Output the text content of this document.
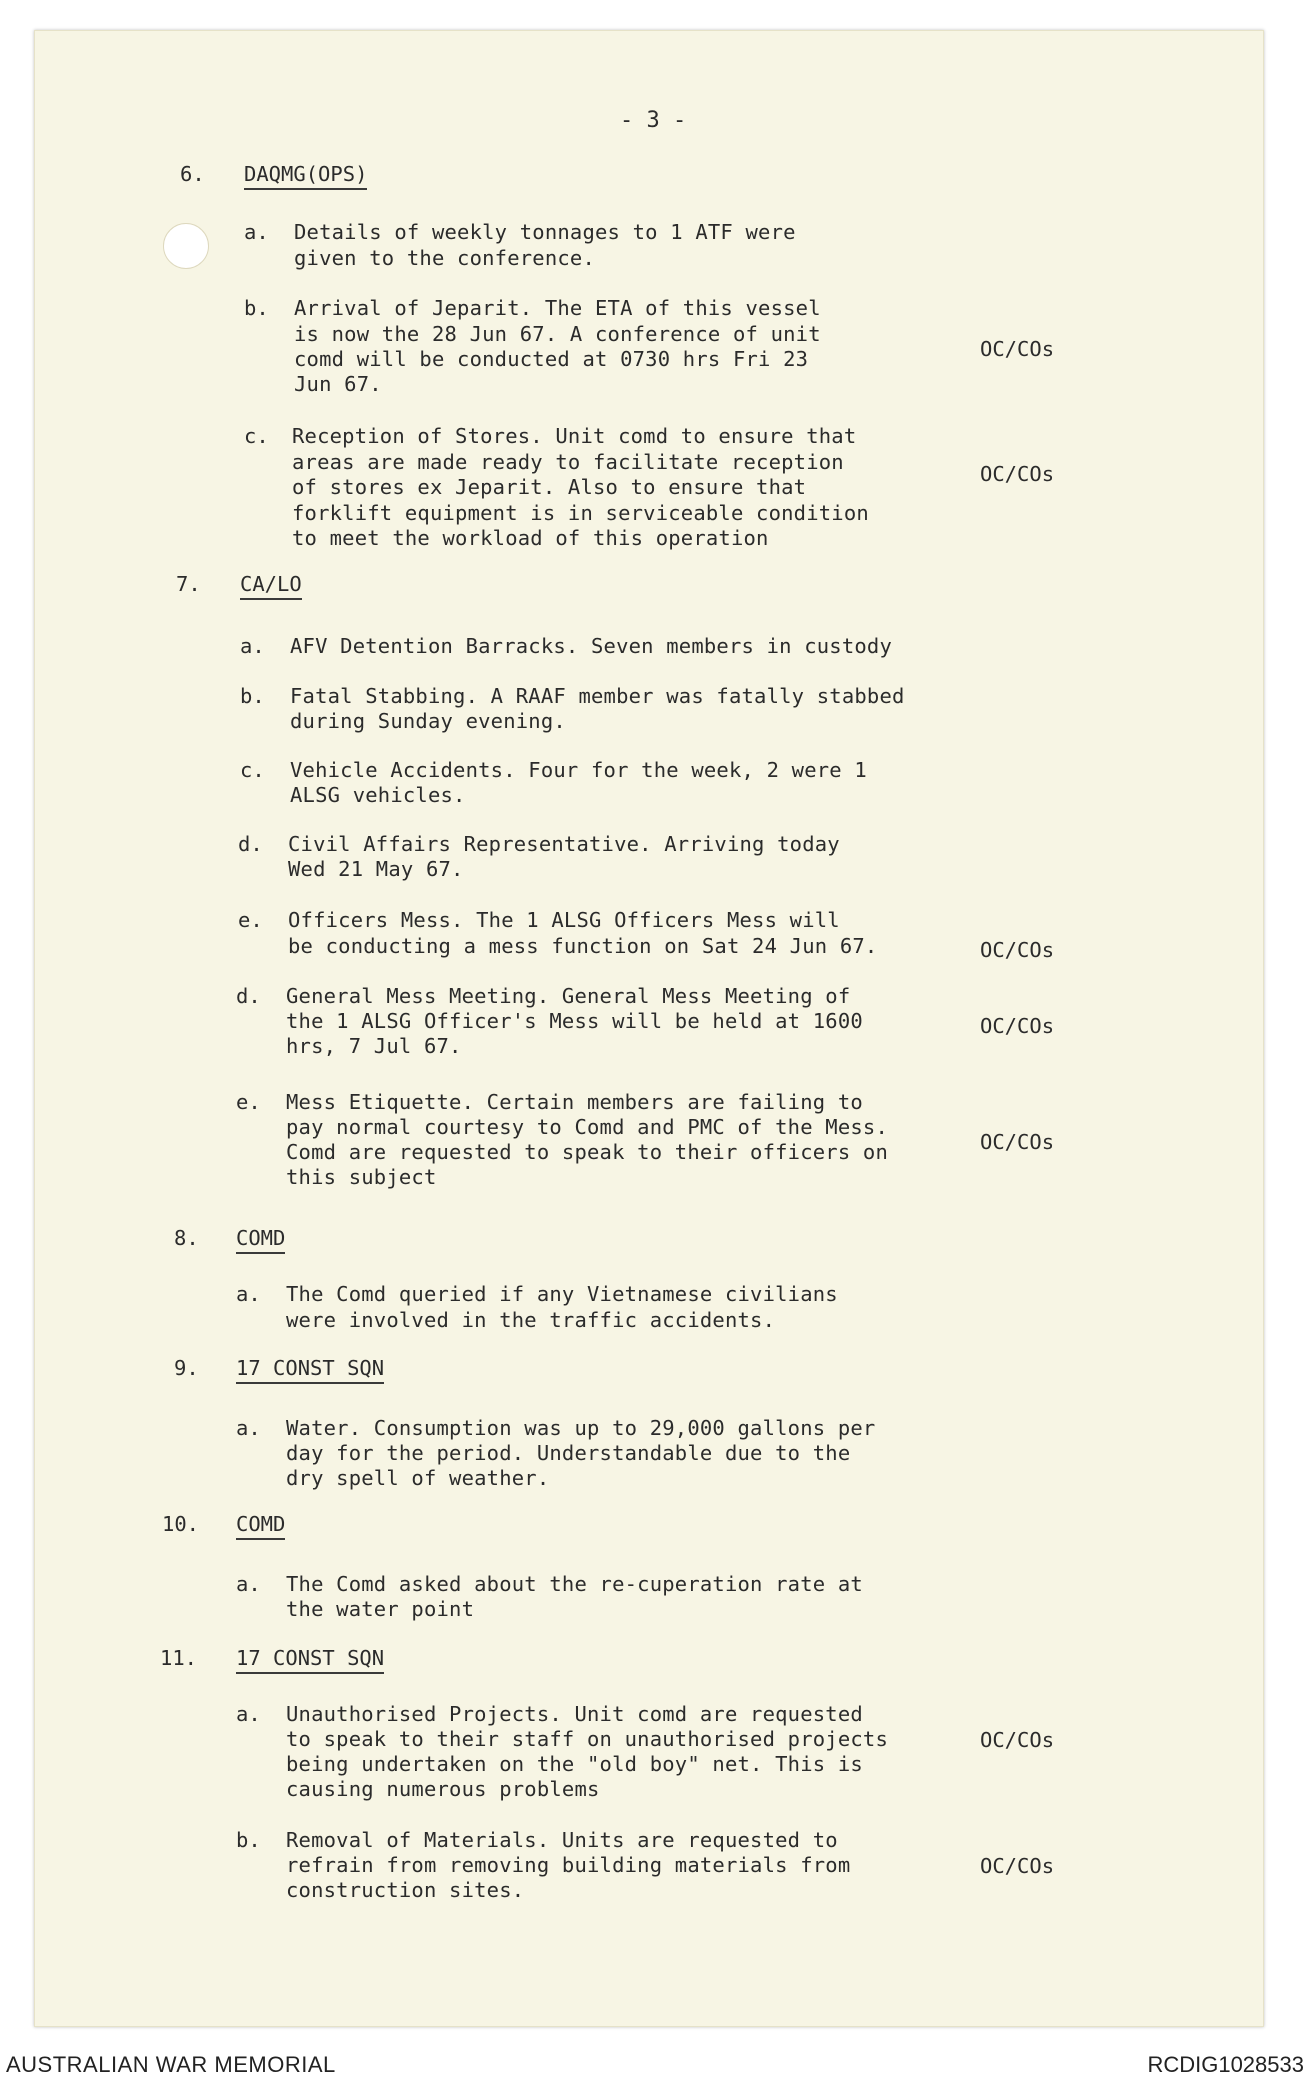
- 3 -
6. DAQMG(OPS)
a. Details of weekly tonnages to 1 ATF were
given to the conference.
b. Arrival of Jeparit. The ETA of this vessel
is now the 28 Jun 67. A conference of unit
comd will be conducted at 0730 hrs Fri 23
Jun 67.
OC/COs
c. Reception of Stores. Unit comd to ensure that
areas are made ready to facilitate reception
of stores ex Jeparit. Also to ensure that
forklift equipment is in serviceable condition
to meet the workload of this operation
OC/COs
7. CA/LO
a. AFV Detention Barracks. Seven members in custody
b. Fatal Stabbing. A RAAF member was fatally stabbed
during Sunday evening.
c. Vehicle Accidents. Four for the week, 2 were 1
ALSG vehicles.
d. Civil Affairs Representative. Arriving today
Wed 21 May 67.
e. Officers Mess. The 1 ALSG Officers Mess will
be conducting a mess function on Sat 24 Jun 67.	OC/COs
d. General Mess Meeting. General Mess Meeting of
the 1 ALSG Officer's Mess will be held at 1600
hrs, 7 Jul 67.
OC/COs
e. Mess Etiquette. Certain members are failing to
pay normal courtesy to Comd and PMC of the Mess.
Comd are requested to speak to their officers on
this subject
OC/COs
8. COMD
a. The Comd queried if any Vietnamese civilians
were involved in the traffic accidents.
9. 17 CONST SQN
a. Water. Consumption was up to 29,000 gallons per
day for the period. Understandable due to the
dry spell of weather.
10. COMD
a. The Comd asked about the re-cuperation rate at
the water point
11. 17 CONST SQN
a. Unauthorised Projects. Unit comd are requested
to speak to their staff on unauthorised projects
being undertaken on the "old boy" net. This is
causing numerous problems
OC/COs
b. Removal of Materials. Units are requested to
refrain from removing building materials from
construction sites.
OC/COs
AUSTRALIAN WAR MEMORIAL	RCDIG1028533
